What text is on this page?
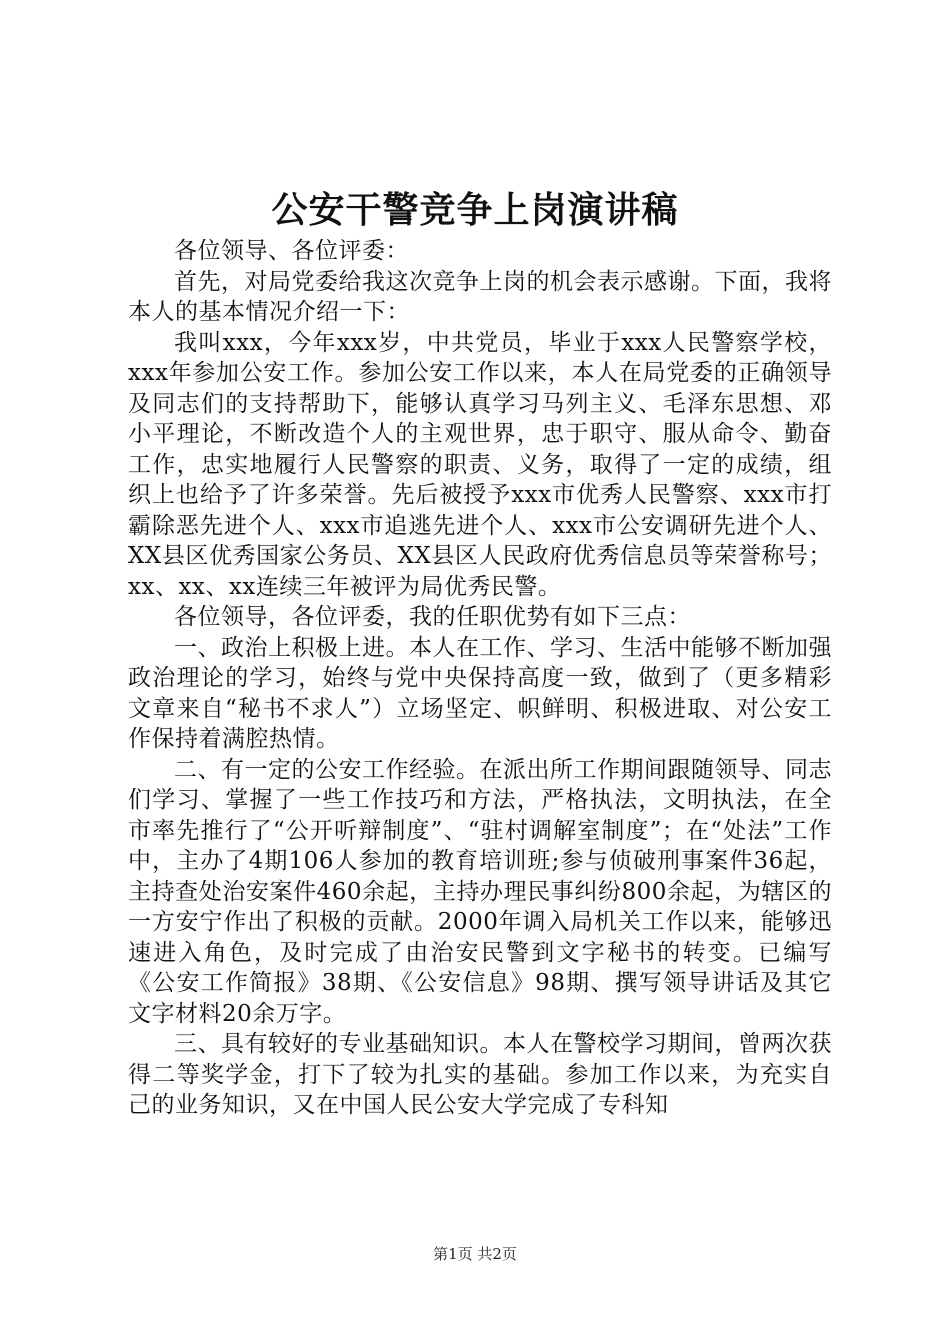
公安干警竞争上岗演讲稿

各位领导、各位评委：

首先，对局党委给我这次竞争上岗的机会表示感谢。下面，我将本人的基本情况介绍一下：

我叫xxx，今年xxx岁，中共党员，毕业于xxx人民警察学校，xxx年参加公安工作。参加公安工作以来，本人在局党委的正确领导及同志们的支持帮助下，能够认真学习马列主义、毛泽东思想、邓小平理论，不断改造个人的主观世界，忠于职守、服从命令、勤奋工作，忠实地履行人民警察的职责、义务，取得了一定的成绩，组织上也给予了许多荣誉。先后被授予xxx市优秀人民警察、xxx市打霸除恶先进个人、xxx市追逃先进个人、xxx市公安调研先进个人、XX县区优秀国家公务员、XX县区人民政府优秀信息员等荣誉称号；xx、xx、xx连续三年被评为局优秀民警。

各位领导，各位评委，我的任职优势有如下三点：

一、政治上积极上进。本人在工作、学习、生活中能够不断加强政治理论的学习，始终与党中央保持高度一致，做到了（更多精彩文章来自“秘书不求人”）立场坚定、帜鲜明、积极进取、对公安工作保持着满腔热情。

二、有一定的公安工作经验。在派出所工作期间跟随领导、同志们学习、掌握了一些工作技巧和方法，严格执法，文明执法，在全市率先推行了“公开听辩制度”、“驻村调解室制度”；在“处法”工作中，主办了4期106人参加的教育培训班;参与侦破刑事案件36起，主持查处治安案件460余起，主持办理民事纠纷800余起，为辖区的一方安宁作出了积极的贡献。2000年调入局机关工作以来，能够迅速进入角色，及时完成了由治安民警到文字秘书的转变。已编写《公安工作简报》38期、《公安信息》98期、撰写领导讲话及其它文字材料20余万字。

三、具有较好的专业基础知识。本人在警校学习期间，曾两次获得二等奖学金，打下了较为扎实的基础。参加工作以来，为充实自己的业务知识，又在中国人民公安大学完成了专科知

第1页 共2页
